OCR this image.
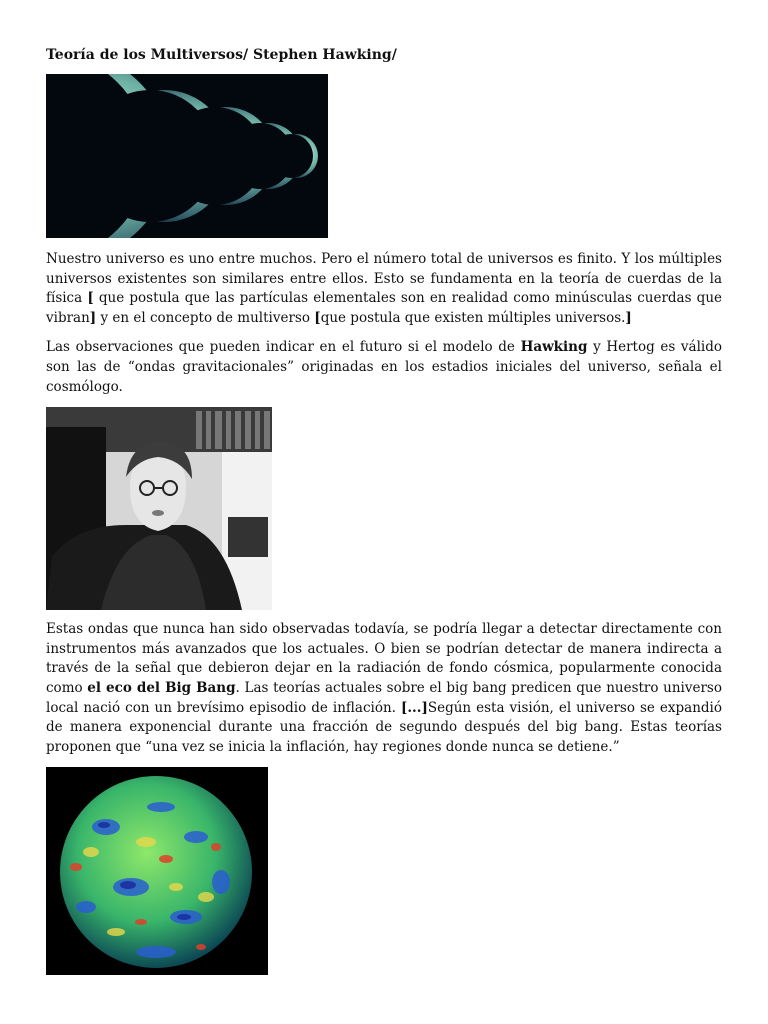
Teoría de los Multiversos/ Stephen Hawking/

Nuestro universo es uno entre muchos. Pero el número total de universos es finito. Y los múltiples universos existentes son similares entre ellos. Esto se fundamenta en la teoría de cuerdas de la física [ que postula que las partículas elementales son en realidad como minúsculas cuerdas que vibran] y en el concepto de multiverso [que postula que existen múltiples universos.]

Las observaciones que pueden indicar en el futuro si el modelo de Hawking y Hertog es válido son las de “ondas gravitacionales” originadas en los estadios iniciales del universo, señala el cosmólogo.

Estas ondas que nunca han sido observadas todavía, se podría llegar a detectar directamente con instrumentos más avanzados que los actuales. O bien se podrían detectar de manera indirecta a través de la señal que debieron dejar en la radiación de fondo cósmica, popularmente conocida como el eco del Big Bang. Las teorías actuales sobre el big bang predicen que nuestro universo local nació con un brevísimo episodio de inflación. [...]Según esta visión, el universo se expandió de manera exponencial durante una fracción de segundo después del big bang. Estas teorías proponen que “una vez se inicia la inflación, hay regiones donde nunca se detiene.”
